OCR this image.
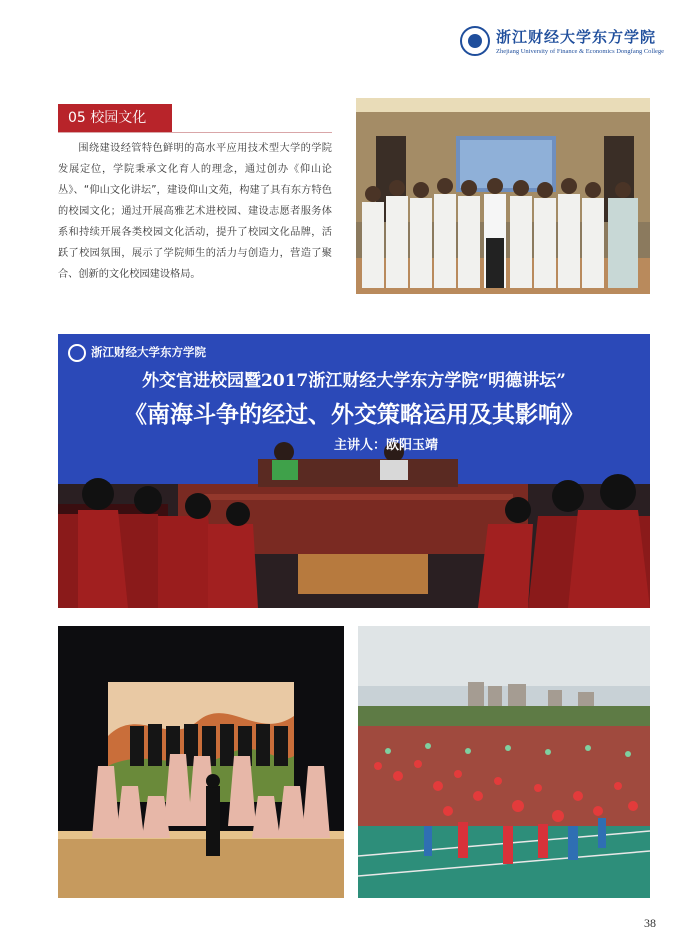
浙江财经大学东方学院
Zhejiang University of Finance & Economics Dongfang College
05 校园文化

围绕建设经管特色鲜明的高水平应用技术型大学的学院发展定位，学院秉承文化育人的理念，通过创办《仰山论丛》、“仰山文化讲坛”，建设仰山文苑，构建了具有东方特色的校园文化；通过开展高雅艺术进校园、建设志愿者服务体系和持续开展各类校园文化活动，提升了校园文化品牌，活跃了校园氛围，展示了学院师生的活力与创造力，营造了聚合、创新的文化校园建设格局。

浙江财经大学东方学院
外交官进校园暨2017浙江财经大学东方学院“明德讲坛”
《南海斗争的经过、外交策略运用及其影响》
主讲人：欧阳玉靖
38
